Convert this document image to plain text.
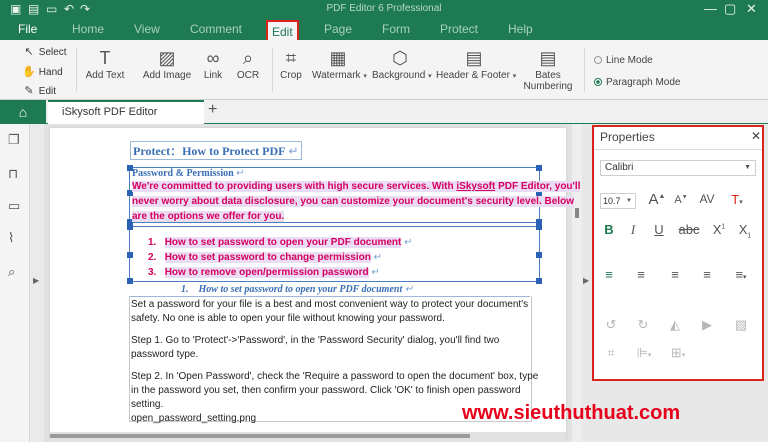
▣ ▤ ▭ ↶ ↷	PDF Editor 6 Professional	— ▢ ✕
File	Home View	Comment	Edit	Page Form	Protect Help
↖ Select
✋ Hand
✎ Edit
T
Add Text
▨
Add Image
∞
Link
⌕
OCR
⌗
Crop
▦
Watermark ▾
⬡
Background ▾
▤
Header & Footer ▾
▤
Bates
Numbering
Line Mode
Paragraph Mode
⌂	iSkysoft PDF Editor	+
❐
⊓
▭
⌇
⌕
▶	▶
Protect：How to Protect PDF ↵
Password & Permission ↵
We're committed to providing users with high secure services. With iSkysoft PDF Editor, you'll
never worry about data disclosure, you can customize your document's security level. Below
are the options we offer for you.
1. How to set password to open your PDF document ↵
2. How to set password to change permission ↵
3. How to remove open/permission password ↵
1. How to set password to open your PDF document ↵
Set a password for your file is a best and most convenient way to protect your document's
safety. No one is able to open your file without knowing your password.
Step 1. Go to 'Protect'->'Password', in the 'Password Security' dialog, you'll find two
password type.
Step 2. In 'Open Password', check the 'Require a password to open the document' box, type
in the password you set, then confirm your password. Click 'OK' to finish open password
setting.
open_password_setting.png
Properties	✕
Calibri	▼
10.7 ▼ A▲ A▼ AV T▾
B	I	U	abc $X^1$ $X_1$
≡	≡	≡	≡	≡▾
↺ ↻	◭	▶	▨
⌗	⊫▾	⊞▾
www.sieuthuthuat.com
